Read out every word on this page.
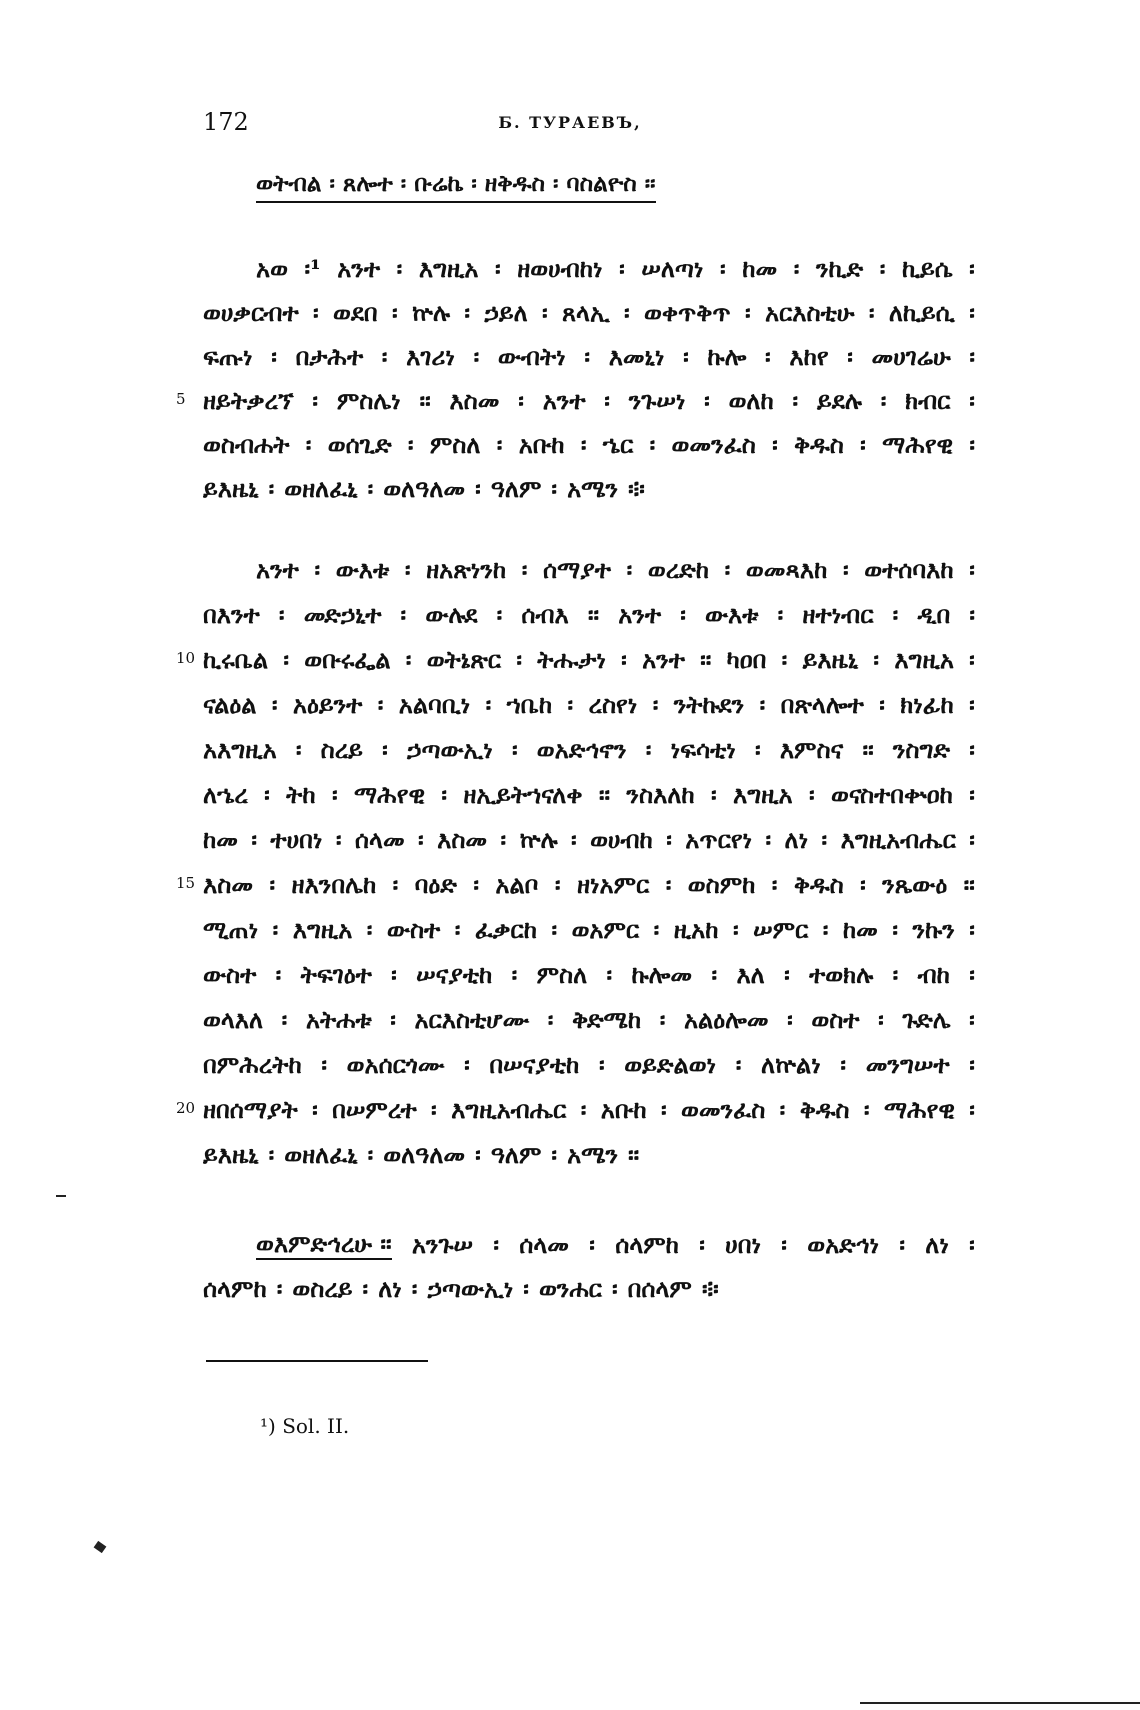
172	Б. ТУРАЕВЪ,
ወትብል ፡ ጸሎተ ፡ ቡሬኬ ፡ ዘቅዱስ ፡ ባስልዮስ ።
አወ ፡¹ አንተ ፡ እግዚአ ፡ ዘወሀብከነ ፡ ሠለጣነ ፡ ከመ ፡ ንኪድ ፡ ኪይሴ ፡
ወሀቃርብተ ፡ ወደበ ፡ ኵሉ ፡ ኃይለ ፡ ጸላኢ ፡ ወቀጥቅጥ ፡ አርእስቲሁ ፡ ለኪይሲ ፡
ፍጡነ ፡ በታሕተ ፡ እገሪነ ፡ ውብትነ ፡ እመኒነ ፡ ኩሎ ፡ እከየ ፡ መሀገሬሁ ፡
ዘይትቃረኘ ፡ ምስሌነ ። እስመ ፡ አንተ ፡ ንጉሠነ ፡ ወለከ ፡ ይደሉ ፡ ክብር ፡
ወስብሐት ፡ ወሰጊድ ፡ ምስለ ፡ አቡከ ፡ ኄር ፡ ወመንፈስ ፡ ቅዱስ ፡ ማሕየዊ ፡
ይእዜኒ ፡ ወዘለፈኒ ፡ ወለዓለመ ፡ ዓለም ፡ አሜን ፨
አንተ ፡ ውእቱ ፡ ዘአጽነንከ ፡ ሰማያተ ፡ ወረድከ ፡ ወመጻእከ ፡ ወተሰባእከ ፡
በእንተ ፡ መድኃኒተ ፡ ውሉደ ፡ ሰብእ ። አንተ ፡ ውእቱ ፡ ዘተነብር ፡ ዲበ ፡
ኪሩቤል ፡ ወቡሩፌል ፡ ወትኔጽር ፡ ትሑታነ ፡ አንተ ። ካዐበ ፡ ይእዜኒ ፡ እግዚአ ፡
ናልዕል ፡ አዕይንተ ፡ አልባቢነ ፡ ኀቤከ ፡ ረስየነ ፡ ንትኩደን ፡ በጽላሎተ ፡ ክነፊከ ፡
አእግዚአ ፡ ስረይ ፡ ኃጣውኢነ ፡ ወአድኅኖን ፡ ነፍሳቲነ ፡ እምስና ። ንስግድ ፡
ለኄረ ፡ ትከ ፡ ማሕየዊ ፡ ዘኢይትኀናለቀ ። ንስእለከ ፡ እግዚአ ፡ ወናስተበቍዐከ ፡
ከመ ፡ ተሀበነ ፡ ሰላመ ፡ እስመ ፡ ኵሉ ፡ ወሀብከ ፡ አጥርየነ ፡ ለነ ፡ እግዚአብሔር ፡
እስመ ፡ ዘእንበሌከ ፡ ባዕድ ፡ አልቦ ፡ ዘነአምር ፡ ወስምከ ፡ ቅዱስ ፡ ንጼውዕ ።
ሚጠነ ፡ እግዚአ ፡ ውስተ ፡ ፈቃርከ ፡ ወአምር ፡ ዚአከ ፡ ሠምር ፡ ከመ ፡ ንኩን ፡
ውስተ ፡ ትፍገዕተ ፡ ሠናያቲከ ፡ ምስለ ፡ ኩሎመ ፡ እለ ፡ ተወክሉ ፡ ብከ ፡
ወላእለ ፡ አትሐቱ ፡ አርእስቲሆሙ ፡ ቅድሜከ ፡ አልዕሎመ ፡ ወስተ ፡ ጉድሌ ፡
በምሕረትከ ፡ ወአሰርጎሙ ፡ በሠናያቲከ ፡ ወይድልወነ ፡ ለኵልነ ፡ መንግሠተ ፡
ዘበሰማያት ፡ በሠምረተ ፡ እግዚአብሔር ፡ አቡከ ፡ ወመንፈስ ፡ ቅዱስ ፡ ማሕየዊ ፡
ይእዜኒ ፡ ወዘለፈኒ ፡ ወለዓለመ ፡ ዓለም ፡ አሜን ።
ወእምድኅረሁ ። አንጉሠ ፡ ሰላመ ፡ ሰላምከ ፡ ሀበነ ፡ ወአድኅነ ፡ ለነ ፡
ሰላምከ ፡ ወስረይ ፡ ለነ ፡ ኃጣውኢነ ፡ ወንሐር ፡ በሰላም ፨
¹) Sol. II.
5
10
15
20
